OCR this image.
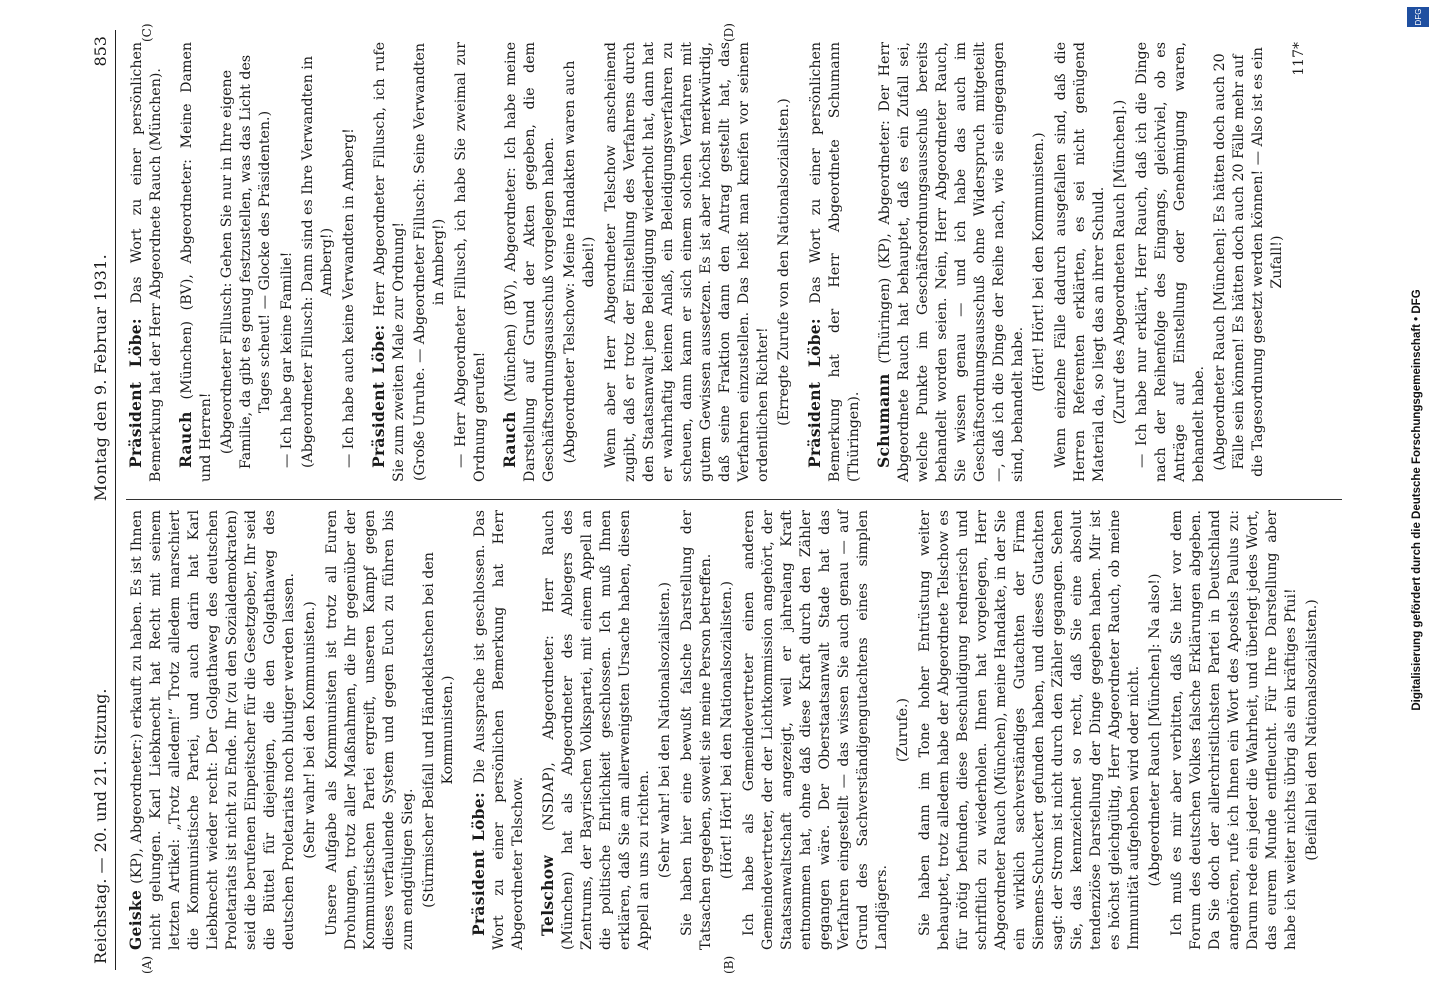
Reichstag. — 20. und 21. Sitzung.
Montag den 9. Februar 1931.
853
(A)	(B)
(C)	(D)
Geiske (KP), Abgeordneter:) erkauft zu haben. Es ist Ihnen nicht gelungen. Karl Liebknecht hat Recht mit seinem letzten Artikel: „Trotz alledem!“ Trotz alledem marschiert die Kommunistische Partei, und auch darin hat Karl Liebknecht wieder recht: Der Golgathaweg des deutschen Proletariats ist nicht zu Ende. Ihr (zu den Sozialdemokraten) seid die berufenen Einpeitscher für die Gesetzgeber, Ihr seid die Büttel für diejenigen, die den Golgathaweg des deutschen Proletariats noch blutiger werden lassen. (Sehr wahr! bei den Kommunisten.) Unsere Aufgabe als Kommunisten ist trotz all Euren Drohungen, trotz aller Maßnahmen, die Ihr gegenüber der Kommunistischen Partei ergreift, unseren Kampf gegen dieses verfaulende System und gegen Euch zu führen bis zum endgültigen Sieg. (Stürmischer Beifall und Händeklatschen bei den Kommunisten.)
Präsident Löbe: Die Aussprache ist geschlossen. Das Wort zu einer persönlichen Bemerkung hat Herr Abgeordneter Telschow. Telschow (NSDAP), Abgeordneter: Herr Rauch (München) hat als Abgeordneter des Ablegers des Zentrums, der Bayrischen Volkspartei, mit einem Appell an die politische Ehrlichkeit geschlossen. Ich muß Ihnen erklären, daß Sie am allerwenigsten Ursache haben, diesen Appell an uns zu richten. (Sehr wahr! bei den Nationalsozialisten.) Sie haben hier eine bewußt falsche Darstellung der Tatsachen gegeben, soweit sie meine Person betreffen. (Hört! Hört! bei den Nationalsozialisten.) Ich habe als Gemeindevertreter einen anderen Gemeindevertreter, der der Lichtkommission angehört, der Staatsanwaltschaft angezeigt, weil er jahrelang Kraft entnommen hat, ohne daß diese Kraft durch den Zähler gegangen wäre. Der Oberstaatsanwalt Stade hat das Verfahren eingestellt — das wissen Sie auch genau — auf Grund des Sachverständigengutachtens eines simplen Landjägers.
(Zurufe.) Sie haben dann im Tone hoher Entrüstung weiter behauptet, trotz alledem habe der Abgeordnete Telschow es für nötig befunden, diese Beschuldigung rednerisch und schriftlich zu wiederholen. Ihnen hat vorgelegen, Herr Abgeordneter Rauch (München), meine Handakte, in der Sie ein wirklich sachverständiges Gutachten der Firma Siemens-Schuckert gefunden haben, und dieses Gutachten sagt: der Strom ist nicht durch den Zähler gegangen. Sehen Sie, das kennzeichnet so recht, daß Sie eine absolut tendenziöse Darstellung der Dinge gegeben haben. Mir ist es höchst gleichgültig, Herr Abgeordneter Rauch, ob meine Immunität aufgehoben wird oder nicht. (Abgeordneter Rauch [München]: Na also!) Ich muß es mir aber verbitten, daß Sie hier vor dem Forum des deutschen Volkes falsche Erklärungen abgeben. Da Sie doch der allerchristlichsten Partei in Deutschland angehören, rufe ich Ihnen ein Wort des Apostels Paulus zu: Darum rede ein jeder die Wahrheit, und überlegt jedes Wort, das eurem Munde entfleucht. Für Ihre Darstellung aber habe ich weiter nichts übrig als ein kräftiges Pfui! (Beifall bei den Nationalsozialisten.)
Präsident Löbe: Das Wort zu einer persönlichen Bemerkung hat der Herr Abgeordnete Rauch (München). Rauch (München) (BV), Abgeordneter: Meine Damen und Herren! (Abgeordneter Fillusch: Gehen Sie nur in Ihre eigene Familie, da gibt es genug festzustellen, was das Licht des Tages scheut! — Glocke des Präsidenten.) — Ich habe gar keine Familie! (Abgeordneter Fillusch: Dann sind es Ihre Verwandten in Amberg!) — Ich habe auch keine Verwandten in Amberg! Präsident Löbe: Herr Abgeordneter Fillusch, ich rufe Sie zum zweiten Male zur Ordnung! (Große Unruhe. — Abgeordneter Fillusch: Seine Verwandten in Amberg!) — Herr Abgeordneter Fillusch, ich habe Sie zweimal zur Ordnung gerufen! Rauch (München) (BV), Abgeordneter: Ich habe meine Darstellung auf Grund der Akten gegeben, die dem Geschäftsordnungsausschuß vorgelegen haben. (Abgeordneter Telschow: Meine Handakten waren auch dabei!) Wenn aber Herr Abgeordneter Telschow anscheinend zugibt, daß er trotz der Einstellung des Verfahrens durch den Staatsanwalt jene Beleidigung wiederholt hat, dann hat er wahrhaftig keinen Anlaß, ein Beleidigungsverfahren zu scheuen, dann kann er sich einem solchen Verfahren mit gutem Gewissen aussetzen. Es ist aber höchst merkwürdig, daß seine Fraktion dann den Antrag gestellt hat, das Verfahren einzustellen. Das heißt man kneifen vor seinem ordentlichen Richter! (Erregte Zurufe von den Nationalsozialisten.) Präsident Löbe: Das Wort zu einer persönlichen Bemerkung hat der Herr Abgeordnete Schumann (Thüringen). Schumann (Thüringen) (KP), Abgeordneter: Der Herr Abgeordnete Rauch hat behauptet, daß es ein Zufall sei, welche Punkte im Geschäftsordnungsausschuß bereits behandelt worden seien. Nein, Herr Abgeordneter Rauch, Sie wissen genau — und ich habe das auch im Geschäftsordnungsausschuß ohne Widerspruch mitgeteilt —, daß ich die Dinge der Reihe nach, wie sie eingegangen sind, behandelt habe.
(Hört! Hört! bei den Kommunisten.) Wenn einzelne Fälle dadurch ausgefallen sind, daß die Herren Referenten erklärten, es sei nicht genügend Material da, so liegt das an ihrer Schuld. (Zuruf des Abgeordneten Rauch [München].) — Ich habe nur erklärt, Herr Rauch, daß ich die Dinge nach der Reihenfolge des Eingangs, gleichviel, ob es Anträge auf Einstellung oder Genehmigung waren, behandelt habe. (Abgeordneter Rauch [München]: Es hätten doch auch 20 Fälle sein können! Es hätten doch auch 20 Fälle mehr auf die Tagesordnung gesetzt werden können! — Also ist es ein Zufall!)
117*
Digitalisierung gefördert durch die Deutsche Forschungsgemeinschaft • DFG
DFG
